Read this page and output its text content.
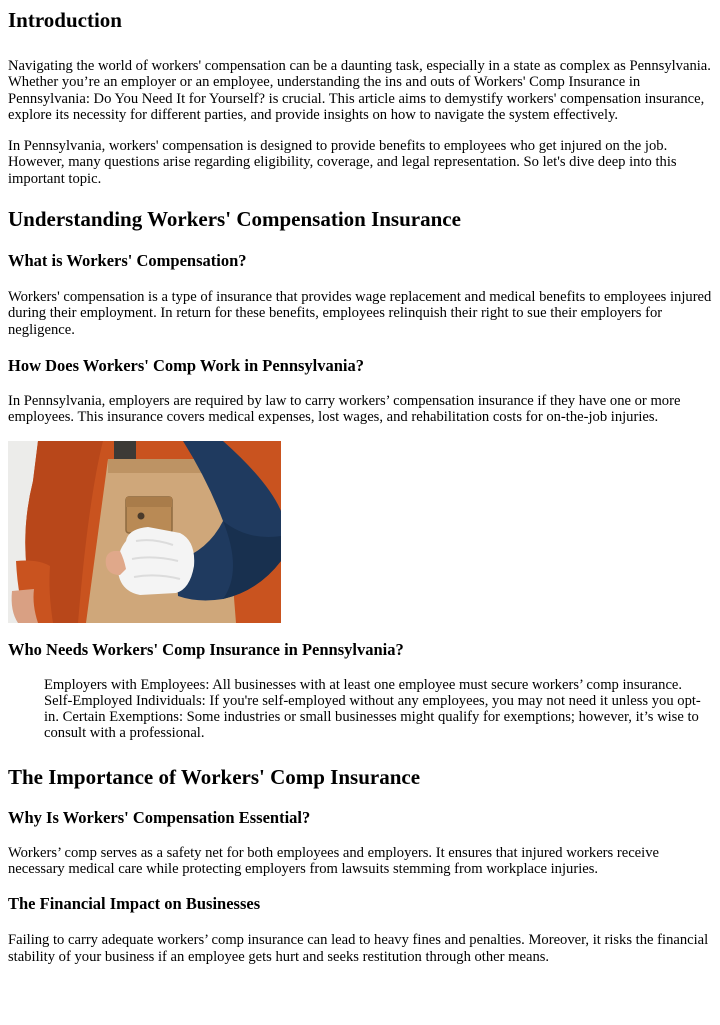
Introduction

Navigating the world of workers' compensation can be a daunting task, especially in a state as complex as Pennsylvania. Whether you’re an employer or an employee, understanding the ins and outs of Workers' Comp Insurance in Pennsylvania: Do You Need It for Yourself? is crucial. This article aims to demystify workers' compensation insurance, explore its necessity for different parties, and provide insights on how to navigate the system effectively.

In Pennsylvania, workers' compensation is designed to provide benefits to employees who get injured on the job. However, many questions arise regarding eligibility, coverage, and legal representation. So let's dive deep into this important topic.

Understanding Workers' Compensation Insurance
What is Workers' Compensation?

Workers' compensation is a type of insurance that provides wage replacement and medical benefits to employees injured during their employment. In return for these benefits, employees relinquish their right to sue their employers for negligence.

How Does Workers' Comp Work in Pennsylvania?

In Pennsylvania, employers are required by law to carry workers’ compensation insurance if they have one or more employees. This insurance covers medical expenses, lost wages, and rehabilitation costs for on-the-job injuries.

Who Needs Workers' Comp Insurance in Pennsylvania?
Employers with Employees: All businesses with at least one employee must secure workers’ comp insurance. Self-Employed Individuals: If you're self-employed without any employees, you may not need it unless you opt-in. Certain Exemptions: Some industries or small businesses might qualify for exemptions; however, it’s wise to consult with a professional.
The Importance of Workers' Comp Insurance
Why Is Workers' Compensation Essential?

Workers’ comp serves as a safety net for both employees and employers. It ensures that injured workers receive necessary medical care while protecting employers from lawsuits stemming from workplace injuries.

The Financial Impact on Businesses

Failing to carry adequate workers’ comp insurance can lead to heavy fines and penalties. Moreover, it risks the financial stability of your business if an employee gets hurt and seeks restitution through other means.
